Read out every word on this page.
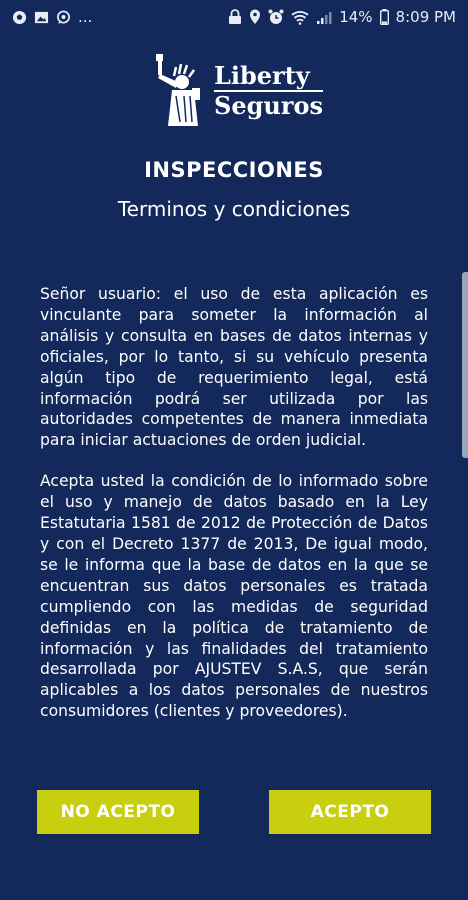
...	14% 8:09 PM
Liberty
Seguros
INSPECCIONES
Terminos y condiciones

Señor usuario: el uso de esta aplicación es vinculante para someter la información al análisis y consulta en bases de datos internas y oficiales, por lo tanto, si su vehículo presenta algún tipo de requerimiento legal, está información podrá ser utilizada por las autoridades competentes de manera inmediata para iniciar actuaciones de orden judicial.

Acepta usted la condición de lo informado sobre el uso y manejo de datos basado en la Ley Estatutaria 1581 de 2012 de Protección de Datos y con el Decreto 1377 de 2013, De igual modo, se le informa que la base de datos en la que se encuentran sus datos personales es tratada cumpliendo con las medidas de seguridad definidas en la política de tratamiento de información y las finalidades del tratamiento desarrollada por AJUSTEV S.A.S, que serán aplicables a los datos personales de nuestros consumidores (clientes y proveedores).

NO ACEPTO	ACEPTO
